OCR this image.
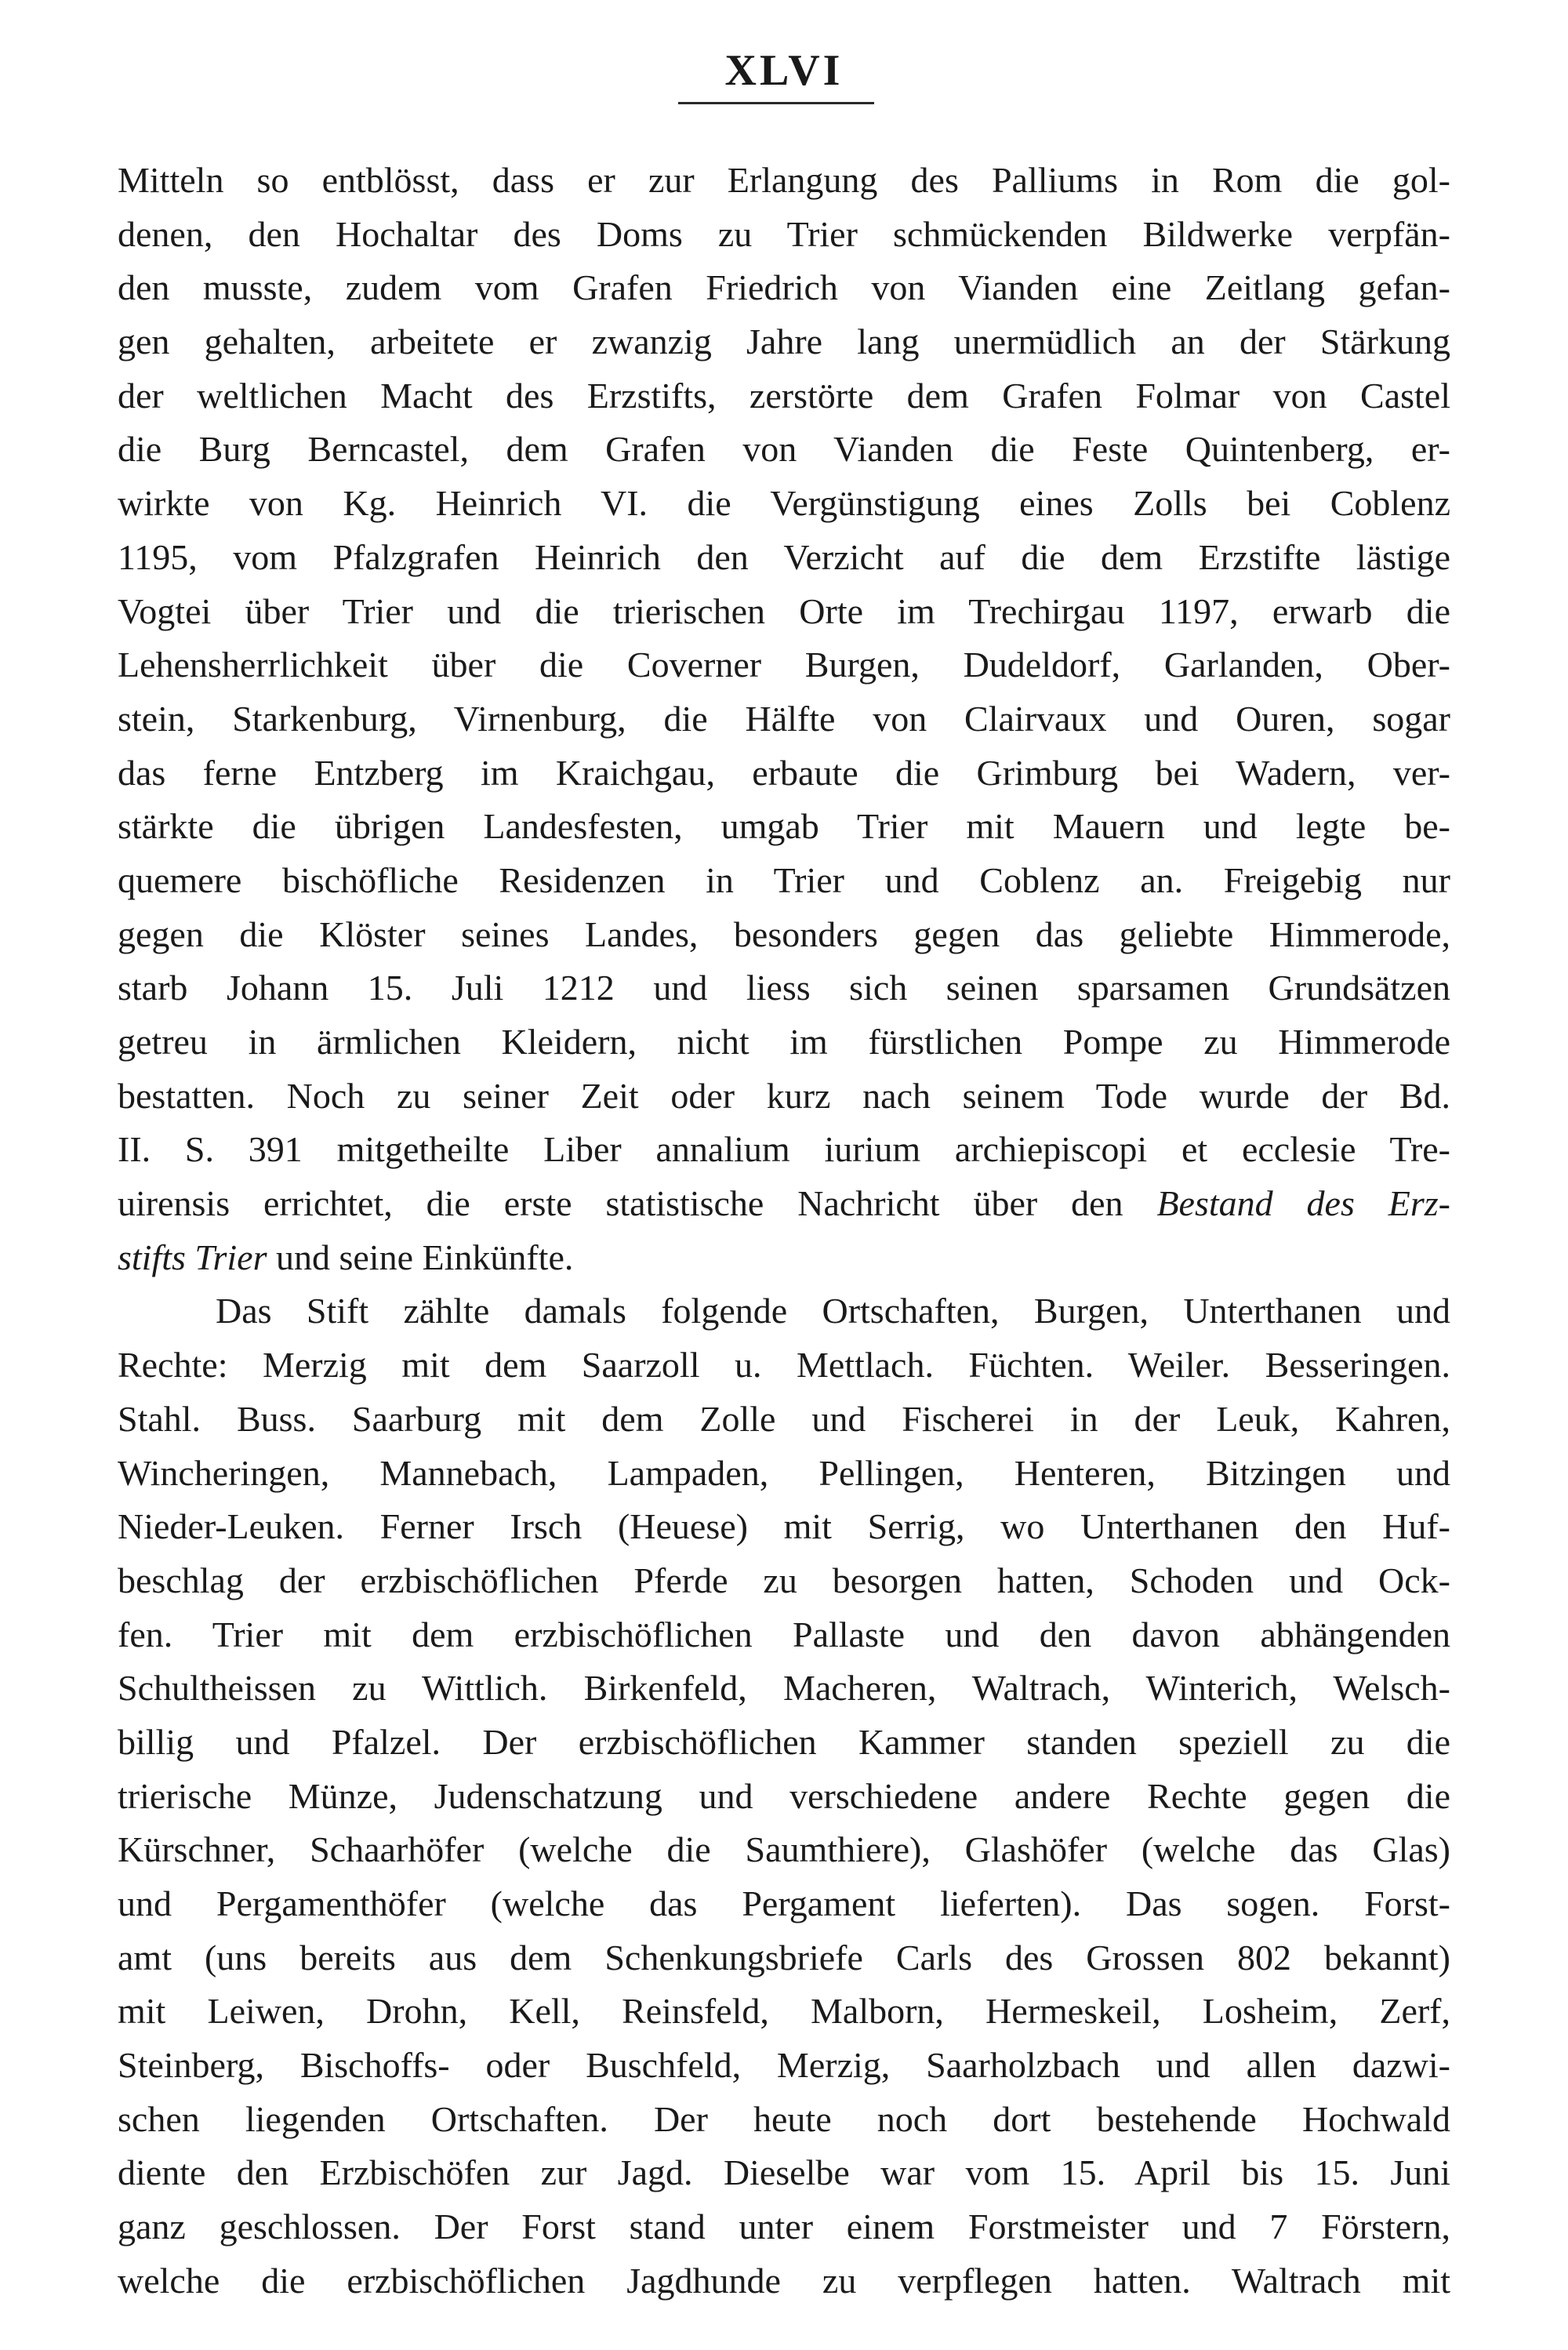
XLVI
Mitteln so entblösst, dass er zur Erlangung des Palliums in Rom die gol-
denen, den Hochaltar des Doms zu Trier schmückenden Bildwerke verpfän-
den musste, zudem vom Grafen Friedrich von Vianden eine Zeitlang gefan-
gen gehalten, arbeitete er zwanzig Jahre lang unermüdlich an der Stärkung
der weltlichen Macht des Erzstifts, zerstörte dem Grafen Folmar von Castel
die Burg Berncastel, dem Grafen von Vianden die Feste Quintenberg, er-
wirkte von Kg. Heinrich VI. die Vergünstigung eines Zolls bei Coblenz
1195, vom Pfalzgrafen Heinrich den Verzicht auf die dem Erzstifte lästige
Vogtei über Trier und die trierischen Orte im Trechirgau 1197, erwarb die
Lehensherrlichkeit über die Coverner Burgen, Dudeldorf, Garlanden, Ober-
stein, Starkenburg, Virnenburg, die Hälfte von Clairvaux und Ouren, sogar
das ferne Entzberg im Kraichgau, erbaute die Grimburg bei Wadern, ver-
stärkte die übrigen Landesfesten, umgab Trier mit Mauern und legte be-
quemere bischöfliche Residenzen in Trier und Coblenz an. Freigebig nur
gegen die Klöster seines Landes, besonders gegen das geliebte Himmerode,
starb Johann 15. Juli 1212 und liess sich seinen sparsamen Grundsätzen
getreu in ärmlichen Kleidern, nicht im fürstlichen Pompe zu Himmerode
bestatten. Noch zu seiner Zeit oder kurz nach seinem Tode wurde der Bd.
II. S. 391 mitgetheilte Liber annalium iurium archiepiscopi et ecclesie Tre-
uirensis errichtet, die erste statistische Nachricht über den Bestand des Erz-
stifts Trier und seine Einkünfte.
Das Stift zählte damals folgende Ortschaften, Burgen, Unterthanen und
Rechte: Merzig mit dem Saarzoll u. Mettlach. Füchten. Weiler. Besseringen.
Stahl. Buss. Saarburg mit dem Zolle und Fischerei in der Leuk, Kahren,
Wincheringen, Mannebach, Lampaden, Pellingen, Henteren, Bitzingen und
Nieder-Leuken. Ferner Irsch (Heuese) mit Serrig, wo Unterthanen den Huf-
beschlag der erzbischöflichen Pferde zu besorgen hatten, Schoden und Ock-
fen. Trier mit dem erzbischöflichen Pallaste und den davon abhängenden
Schultheissen zu Wittlich. Birkenfeld, Macheren, Waltrach, Winterich, Welsch-
billig und Pfalzel. Der erzbischöflichen Kammer standen speziell zu die
trierische Münze, Judenschatzung und verschiedene andere Rechte gegen die
Kürschner, Schaarhöfer (welche die Saumthiere), Glashöfer (welche das Glas)
und Pergamenthöfer (welche das Pergament lieferten). Das sogen. Forst-
amt (uns bereits aus dem Schenkungsbriefe Carls des Grossen 802 bekannt)
mit Leiwen, Drohn, Kell, Reinsfeld, Malborn, Hermeskeil, Losheim, Zerf,
Steinberg, Bischoffs- oder Buschfeld, Merzig, Saarholzbach und allen dazwi-
schen liegenden Ortschaften. Der heute noch dort bestehende Hochwald
diente den Erzbischöfen zur Jagd. Dieselbe war vom 15. April bis 15. Juni
ganz geschlossen. Der Forst stand unter einem Forstmeister und 7 Förstern,
welche die erzbischöflichen Jagdhunde zu verpflegen hatten. Waltrach mit
